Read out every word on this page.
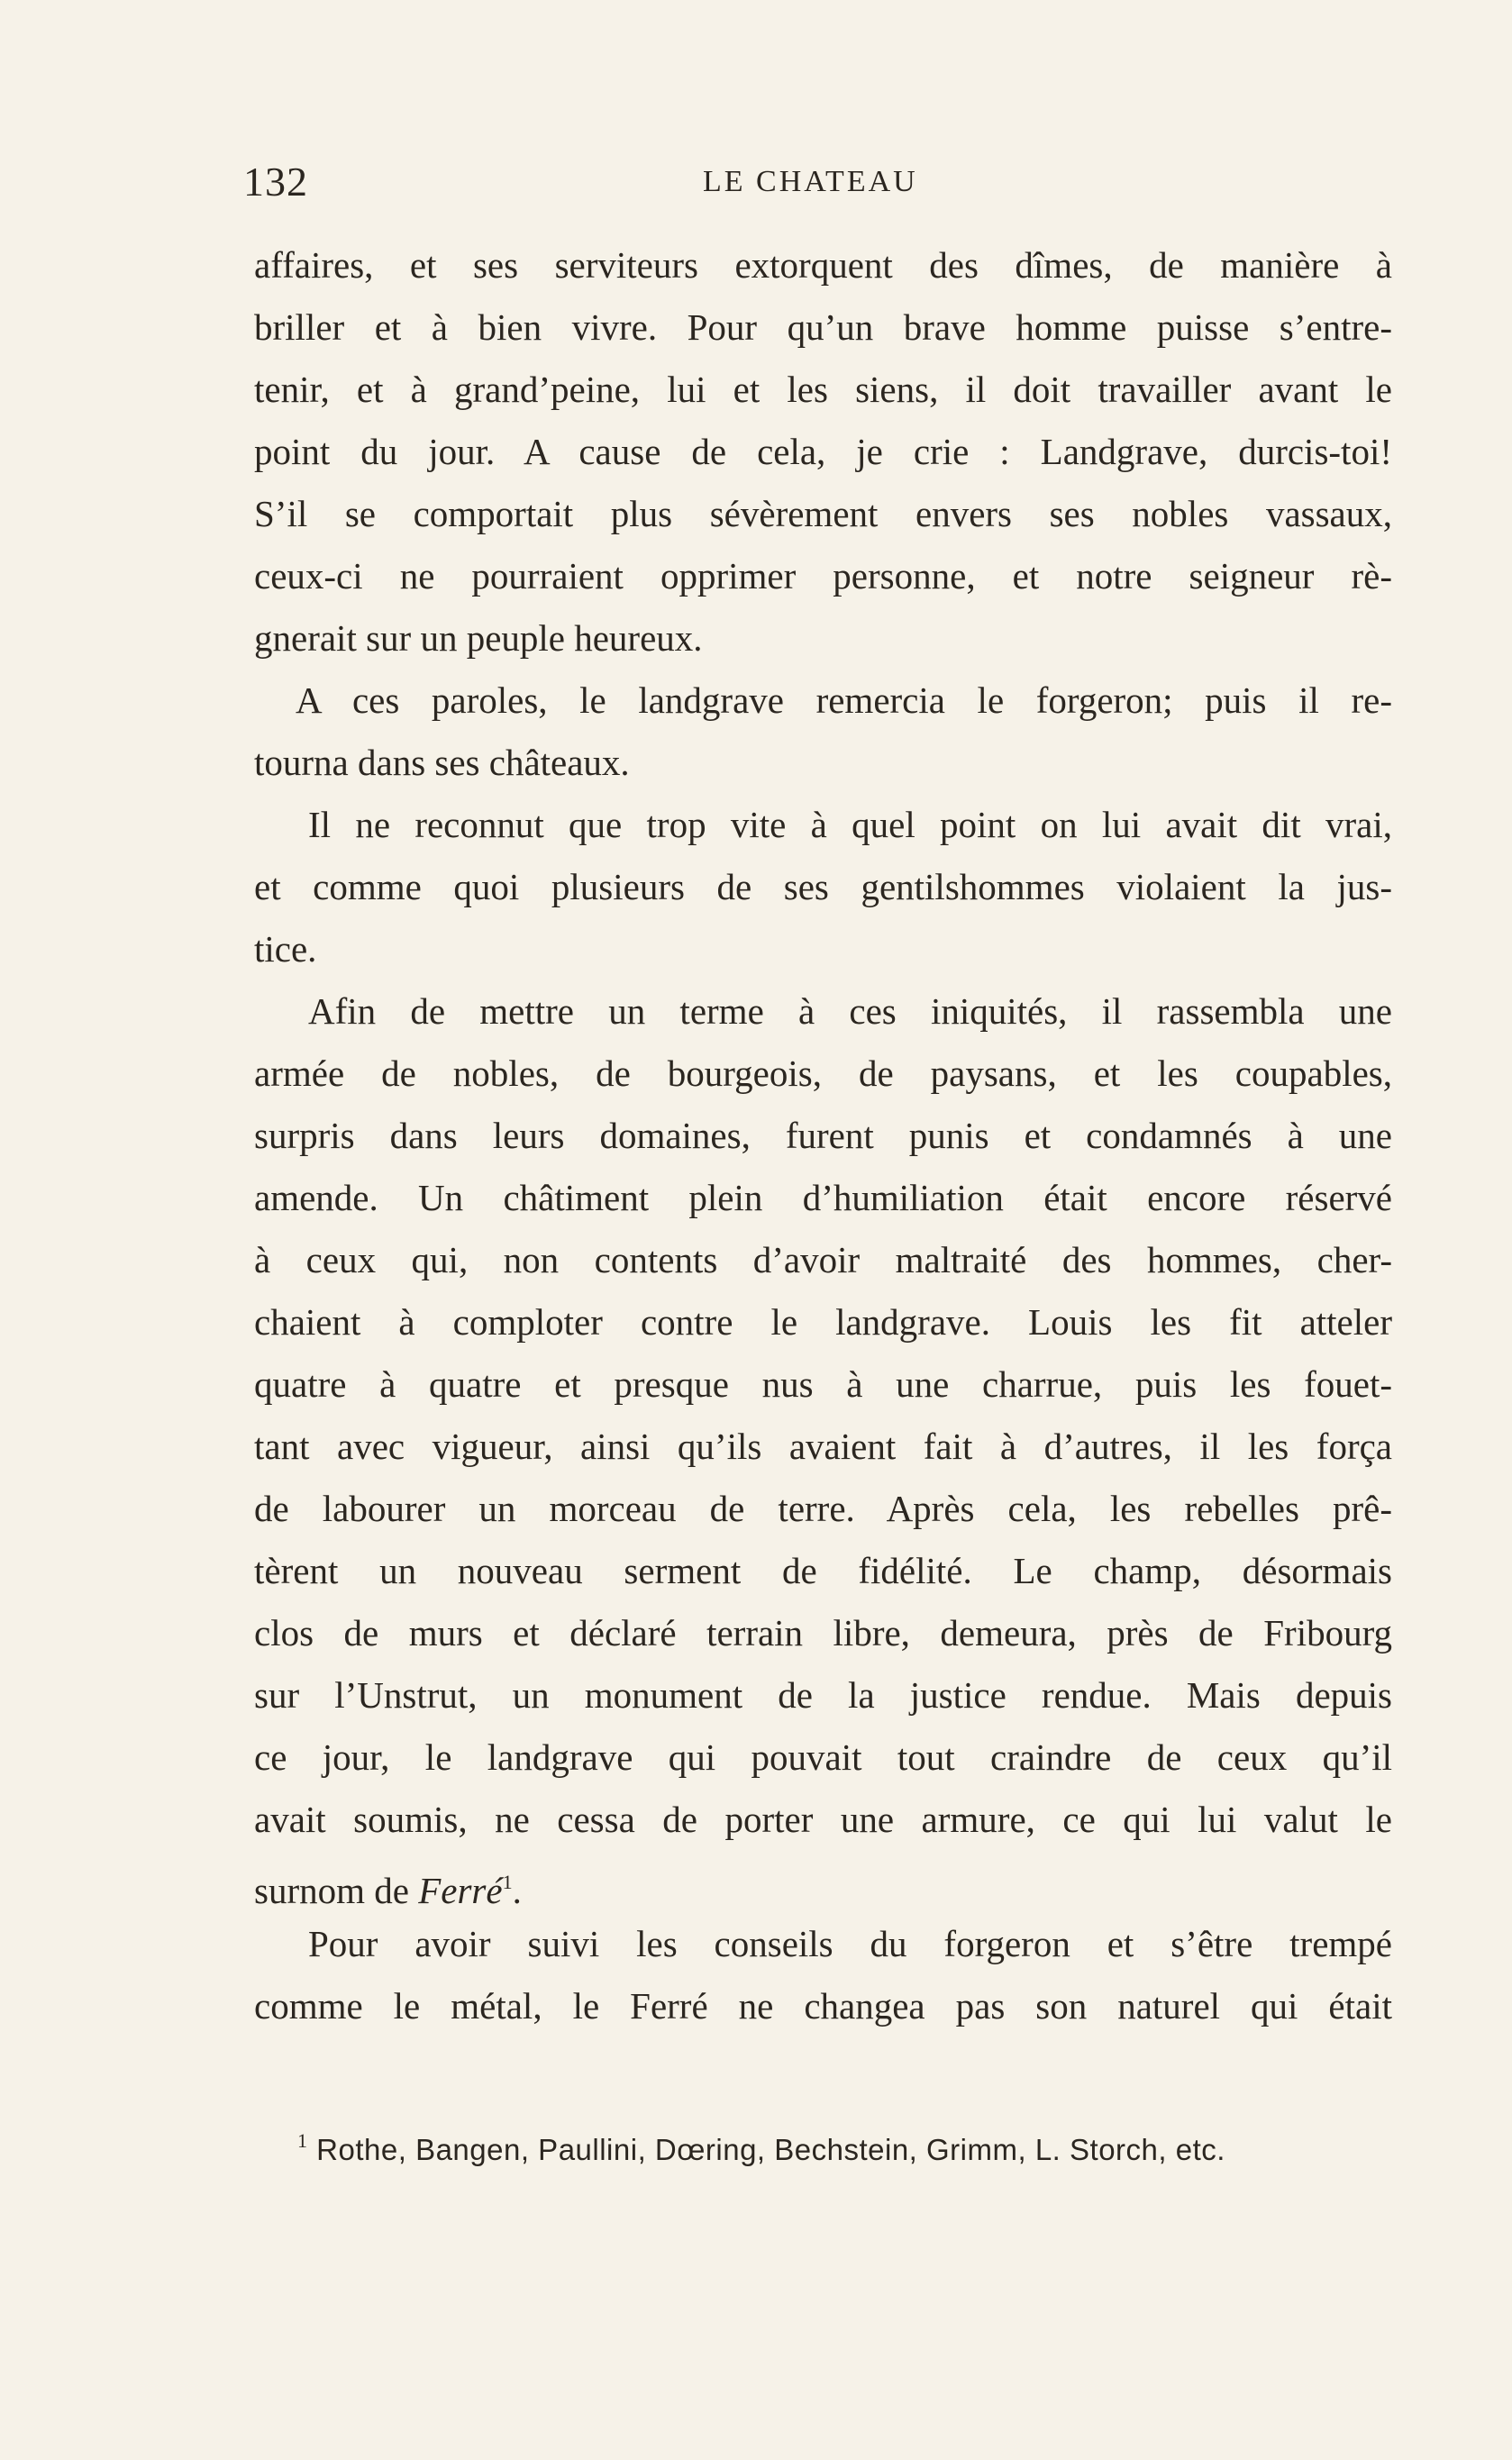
132	LE CHATEAU
affaires, et ses serviteurs extorquent des dîmes, de manière à
briller et à bien vivre. Pour qu’un brave homme puisse s’entre-
tenir, et à grand’peine, lui et les siens, il doit travailler avant le
point du jour. A cause de cela, je crie : Landgrave, durcis-toi!
S’il se comportait plus sévèrement envers ses nobles vassaux,
ceux-ci ne pourraient opprimer personne, et notre seigneur rè-
gnerait sur un peuple heureux.
A ces paroles, le landgrave remercia le forgeron; puis il re-
tourna dans ses châteaux.
Il ne reconnut que trop vite à quel point on lui avait dit vrai,
et comme quoi plusieurs de ses gentilshommes violaient la jus-
tice.
Afin de mettre un terme à ces iniquités, il rassembla une
armée de nobles, de bourgeois, de paysans, et les coupables,
surpris dans leurs domaines, furent punis et condamnés à une
amende. Un châtiment plein d’humiliation était encore réservé
à ceux qui, non contents d’avoir maltraité des hommes, cher-
chaient à comploter contre le landgrave. Louis les fit atteler
quatre à quatre et presque nus à une charrue, puis les fouet-
tant avec vigueur, ainsi qu’ils avaient fait à d’autres, il les força
de labourer un morceau de terre. Après cela, les rebelles prê-
tèrent un nouveau serment de fidélité. Le champ, désormais
clos de murs et déclaré terrain libre, demeura, près de Fribourg
sur l’Unstrut, un monument de la justice rendue. Mais depuis
ce jour, le landgrave qui pouvait tout craindre de ceux qu’il
avait soumis, ne cessa de porter une armure, ce qui lui valut le
surnom de Ferré$^1$.
Pour avoir suivi les conseils du forgeron et s’être trempé
comme le métal, le Ferré ne changea pas son naturel qui était
$^1$ Rothe, Bangen, Paullini, Dœring, Bechstein, Grimm, L. Storch, etc.
